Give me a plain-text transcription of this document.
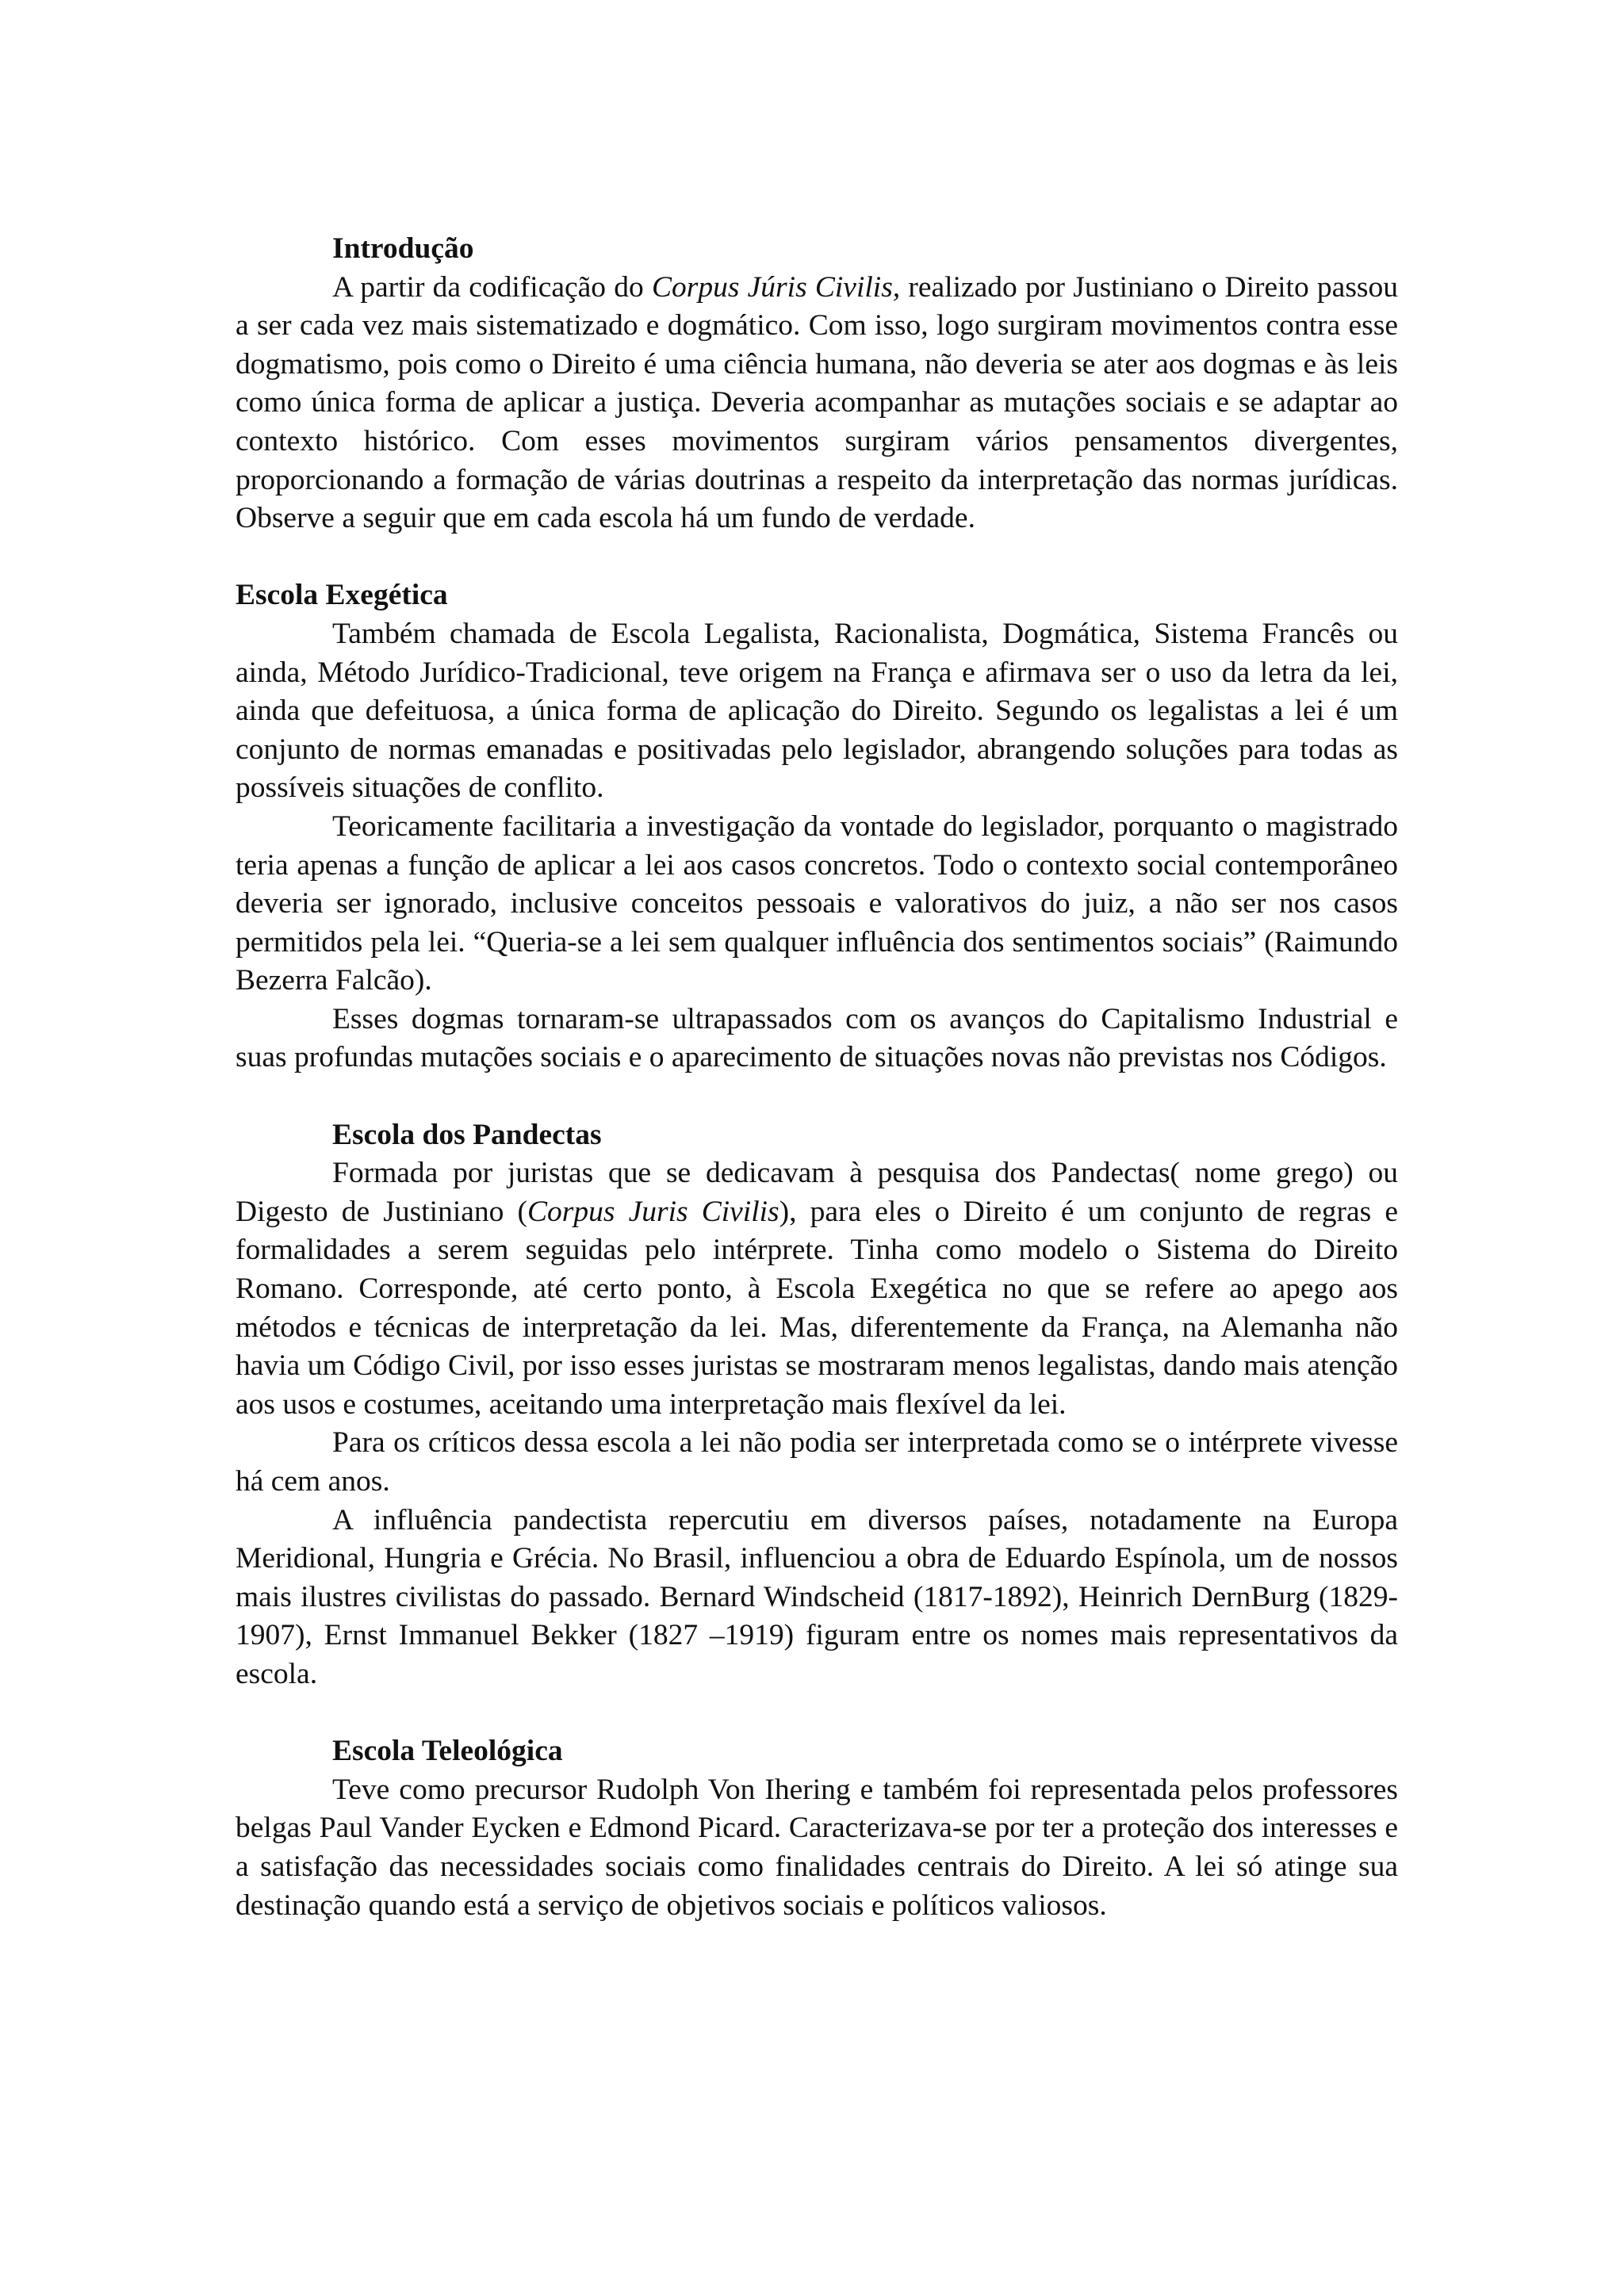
Introdução

A partir da codificação do Corpus Júris Civilis, realizado por Justiniano o Direito passou a ser cada vez mais sistematizado e dogmático. Com isso, logo surgiram movimentos contra esse dogmatismo, pois como o Direito é uma ciência humana, não deveria se ater aos dogmas e às leis como única forma de aplicar a justiça. Deveria acompanhar as mutações sociais e se adaptar ao contexto histórico. Com esses movimentos surgiram vários pensamentos divergentes, proporcionando a formação de várias doutrinas a respeito da interpretação das normas jurídicas. Observe a seguir que em cada escola há um fundo de verdade.

Escola Exegética

Também chamada de Escola Legalista, Racionalista, Dogmática, Sistema Francês ou ainda, Método Jurídico-Tradicional, teve origem na França e afirmava ser o uso da letra da lei, ainda que defeituosa, a única forma de aplicação do Direito. Segundo os legalistas a lei é um conjunto de normas emanadas e positivadas pelo legislador, abrangendo soluções para todas as possíveis situações de conflito.

Teoricamente facilitaria a investigação da vontade do legislador, porquanto o magistrado teria apenas a função de aplicar a lei aos casos concretos. Todo o contexto social contemporâneo deveria ser ignorado, inclusive conceitos pessoais e valorativos do juiz, a não ser nos casos permitidos pela lei. “Queria-se a lei sem qualquer influência dos sentimentos sociais” (Raimundo Bezerra Falcão).

Esses dogmas tornaram-se ultrapassados com os avanços do Capitalismo Industrial e suas profundas mutações sociais e o aparecimento de situações novas não previstas nos Códigos.

Escola dos Pandectas

Formada por juristas que se dedicavam à pesquisa dos Pandectas( nome grego) ou Digesto de Justiniano (Corpus Juris Civilis), para eles o Direito é um conjunto de regras e formalidades a serem seguidas pelo intérprete. Tinha como modelo o Sistema do Direito Romano. Corresponde, até certo ponto, à Escola Exegética no que se refere ao apego aos métodos e técnicas de interpretação da lei. Mas, diferentemente da França, na Alemanha não havia um Código Civil, por isso esses juristas se mostraram menos legalistas, dando mais atenção aos usos e costumes, aceitando uma interpretação mais flexível da lei.

Para os críticos dessa escola a lei não podia ser interpretada como se o intérprete vivesse há cem anos.

A influência pandectista repercutiu em diversos países, notadamente na Europa Meridional, Hungria e Grécia. No Brasil, influenciou a obra de Eduardo Espínola, um de nossos mais ilustres civilistas do passado. Bernard Windscheid (1817-1892), Heinrich DernBurg (1829-1907), Ernst Immanuel Bekker (1827 –1919) figuram entre os nomes mais representativos da escola.

Escola Teleológica

Teve como precursor Rudolph Von Ihering e também foi representada pelos professores belgas Paul Vander Eycken e Edmond Picard. Caracterizava-se por ter a proteção dos interesses e a satisfação das necessidades sociais como finalidades centrais do Direito. A lei só atinge sua destinação quando está a serviço de objetivos sociais e políticos valiosos.
